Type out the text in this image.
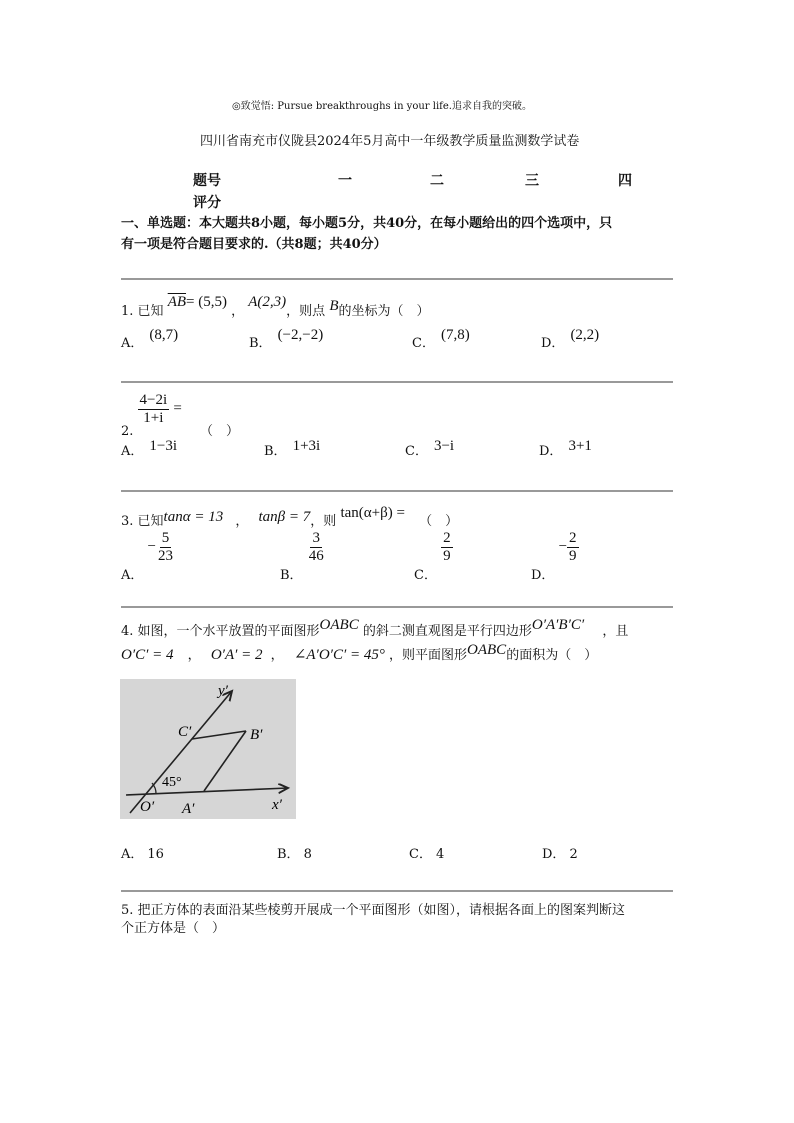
◎致觉悟: Pursue breakthroughs in your life.追求自我的突破。
四川省南充市仪陇县2024年5月高中一年级教学质量监测数学试卷
题号	一	二	三	四
评分
一、单选题：本大题共8小题，每小题5分，共40分，在每小题给出的四个选项中，只
有一项是符合题目要求的.（共8题；共40分）
1. 已知 $\overline{AB}= (5,5)$ ， A(2,3)，则点 B的坐标为（　）
A．(8,7)
B．(−2,−2)
C．(7,8)
D．(2,2)
2.
$\frac{4-2i}{1+i}$ = （　）
A． 1−3i	B． 1+3i	C． 3−i	D． 3+1
3. 已知tanα = 13 ， tanβ = 7，则 tan(α+β) = （　）
A． − $\frac{5}{23}$
B．
$\frac{3}{46}$
C．
$\frac{2}{9}$
D． − $\frac{2}{9}$
4. 如图，一个水平放置的平面图形OABC 的斜二测直观图是平行四边形O′A′B′C′ ，且
O′C′ = 4 ， O′A′ = 2 ， ∠A′O′C′ = 45° ，则平面图形OABC的面积为（　）
y′
C′	B′
45°
O′ A′	x′
A． 16	B． 8	C． 4	D． 2
5. 把正方体的表面沿某些棱剪开展成一个平面图形（如图），请根据各面上的图案判断这
个正方体是（　）
